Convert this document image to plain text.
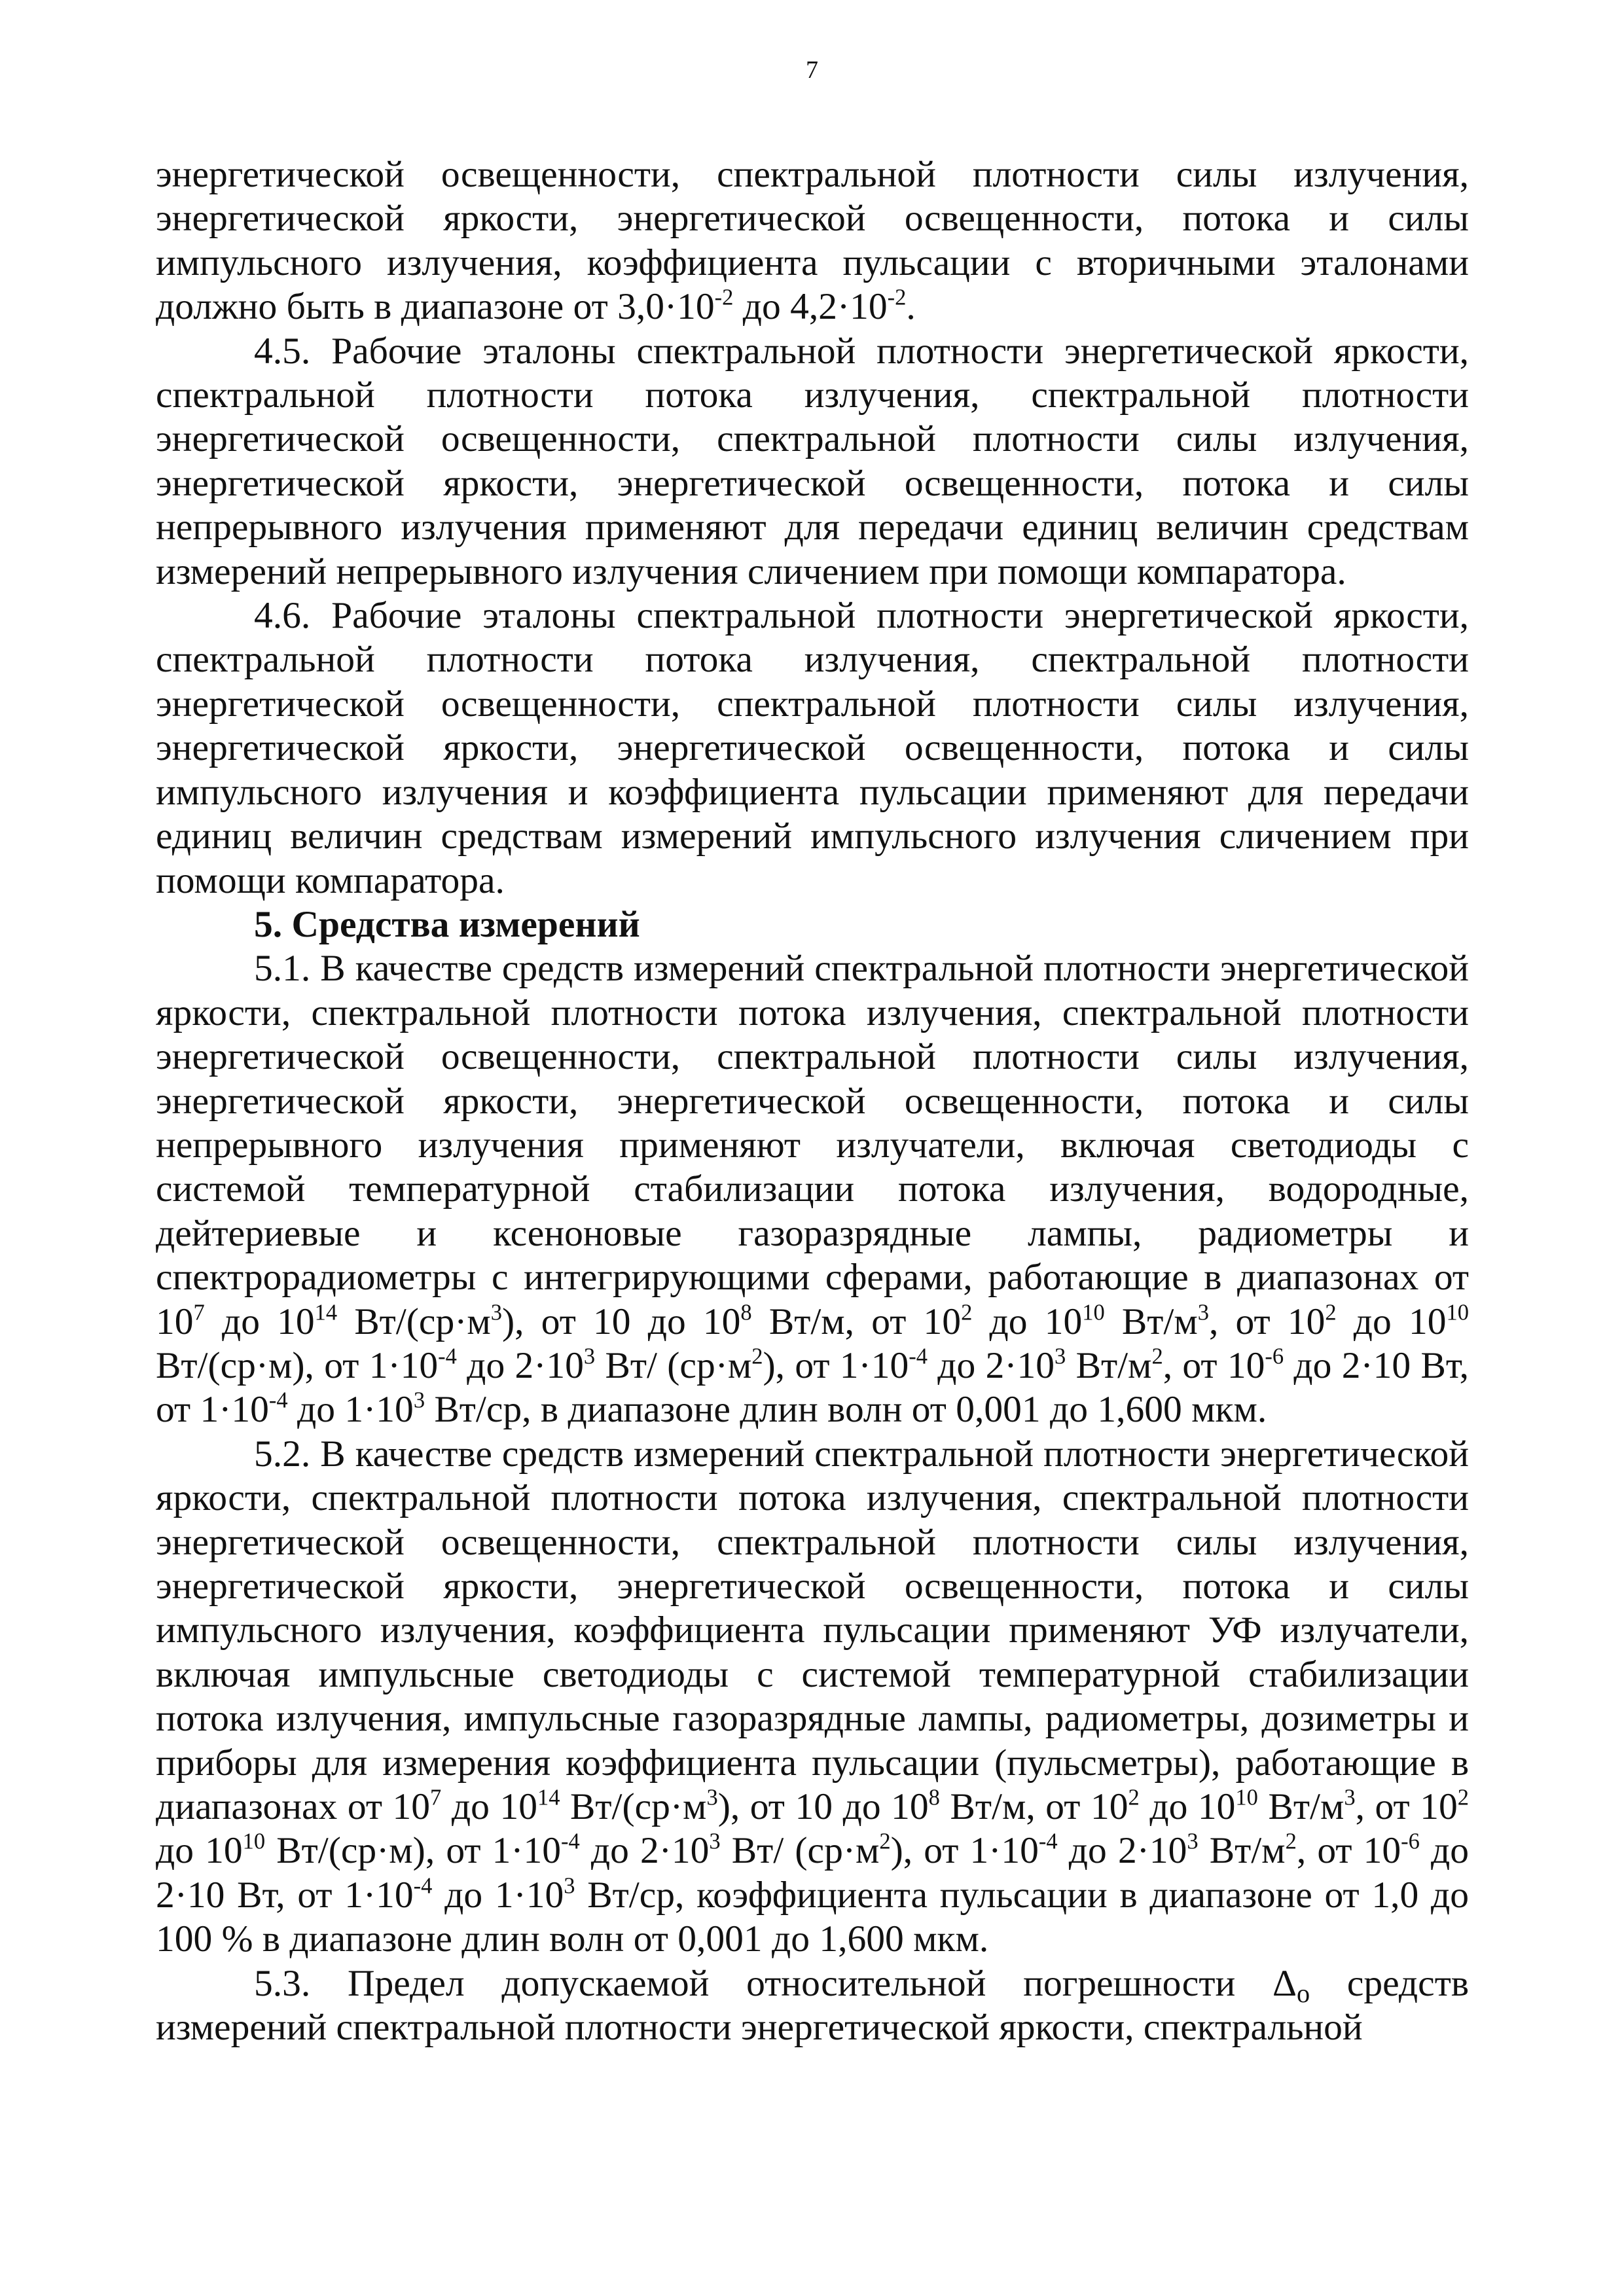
7

энергетической освещенности, спектральной плотности силы излучения, энергетической яркости, энергетической освещенности, потока и силы импульсного излучения, коэффициента пульсации с вторичными эталонами должно быть в диапазоне от $3,0\cdot 10^{-2}$ до $4,2\cdot 10^{-2}$.

4.5. Рабочие эталоны спектральной плотности энергетической яркости, спектральной плотности потока излучения, спектральной плотности энергетической освещенности, спектральной плотности силы излучения, энергетической яркости, энергетической освещенности, потока и силы непрерывного излучения применяют для передачи единиц величин средствам измерений непрерывного излучения сличением при помощи компаратора.

4.6. Рабочие эталоны спектральной плотности энергетической яркости, спектральной плотности потока излучения, спектральной плотности энергетической освещенности, спектральной плотности силы излучения, энергетической яркости, энергетической освещенности, потока и силы импульсного излучения и коэффициента пульсации применяют для передачи единиц величин средствам измерений импульсного излучения сличением при помощи компаратора.

5. Средства измерений

5.1. В качестве средств измерений спектральной плотности энергетической яркости, спектральной плотности потока излучения, спектральной плотности энергетической освещенности, спектральной плотности силы излучения, энергетической яркости, энергетической освещенности, потока и силы непрерывного излучения применяют излучатели, включая светодиоды с системой температурной стабилизации потока излучения, водородные, дейтериевые и ксеноновые газоразрядные лампы, радиометры и спектрорадиометры с интегрирующими сферами, работающие в диапазонах от $10^7$ до $10^{14}$ $Вт/(ср\cdot м^3)$, от 10 до $10^8$ Вт/м, от $10^2$ до $10^{10}$ $Вт/м^3$, от $10^2$ до $10^{10}$ Вт/(ср·м), от $1\cdot 10^{-4}$ до $2\cdot 10^3$ Вт/ $(ср\cdot м^2)$, от $1\cdot 10^{-4}$ до $2\cdot 10^3$ $Вт/м^2$, от $10^{-6}$ до 2·10 Вт, от $1\cdot 10^{-4}$ до $1\cdot 10^3$ Вт/ср, в диапазоне длин волн от 0,001 до 1,600 мкм.

5.2. В качестве средств измерений спектральной плотности энергетической яркости, спектральной плотности потока излучения, спектральной плотности энергетической освещенности, спектральной плотности силы излучения, энергетической яркости, энергетической освещенности, потока и силы импульсного излучения, коэффициента пульсации применяют УФ излучатели, включая импульсные светодиоды с системой температурной стабилизации потока излучения, импульсные газоразрядные лампы, радиометры, дозиметры и приборы для измерения коэффициента пульсации (пульсметры), работающие в диапазонах от $10^7$ до $10^{14}$ $Вт/(ср\cdot м^3)$, от 10 до $10^8$ Вт/м, от $10^2$ до $10^{10}$ $Вт/м^3$, от $10^2$ до $10^{10}$ Вт/(ср·м), от $1\cdot 10^{-4}$ до $2\cdot 10^3$ Вт/ $(ср\cdot м^2)$, от $1\cdot 10^{-4}$ до $2\cdot 10^3$ $Вт/м^2$, от $10^{-6}$ до 2·10 Вт, от $1\cdot 10^{-4}$ до $1\cdot 10^3$ Вт/ср, коэффициента пульсации в диапазоне от 1,0 до 100 % в диапазоне длин волн от 0,001 до 1,600 мкм.

5.3. Предел допускаемой относительной погрешности $\Delta_о$ средств измерений спектральной плотности энергетической яркости, спектральной
